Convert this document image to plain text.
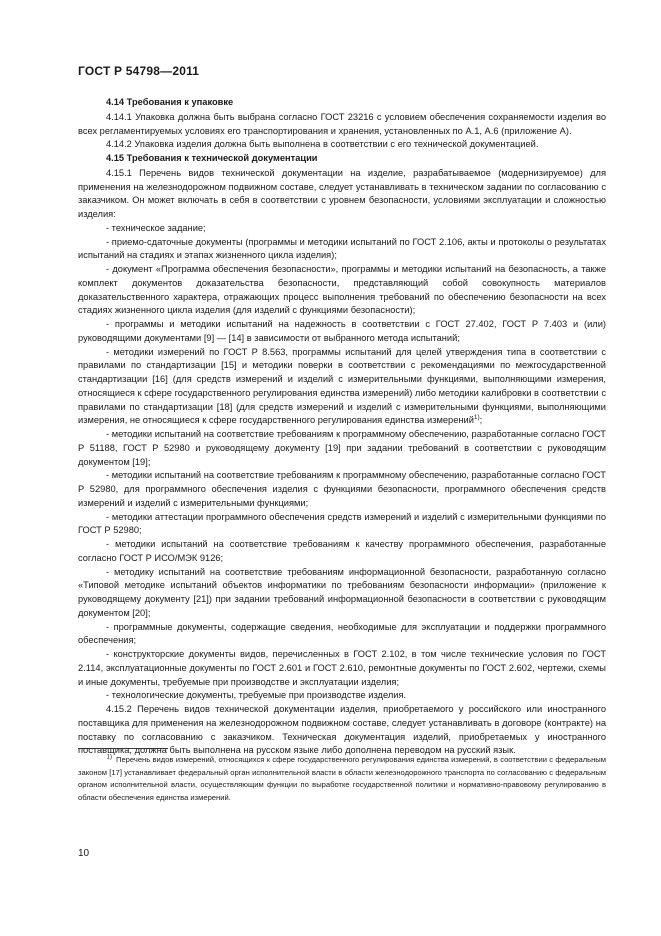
ГОСТ Р 54798—2011

4.14 Требования к упаковке

4.14.1 Упаковка должна быть выбрана согласно ГОСТ 23216 с условием обеспечения сохраняемости изделия во всех регламентируемых условиях его транспортирования и хранения, установленных по А.1, А.6 (приложение А).

4.14.2 Упаковка изделия должна быть выполнена в соответствии с его технической документацией.

4.15 Требования к технической документации

4.15.1 Перечень видов технической документации на изделие, разрабатываемое (модернизируемое) для применения на железнодорожном подвижном составе, следует устанавливать в техническом задании по согласованию с заказчиком. Он может включать в себя в соответствии с уровнем безопасности, условиями эксплуатации и сложностью изделия:

- техническое задание;

- приемо-сдаточные документы (программы и методики испытаний по ГОСТ 2.106, акты и протоколы о результатах испытаний на стадиях и этапах жизненного цикла изделия);

- документ «Программа обеспечения безопасности», программы и методики испытаний на безопасность, а также комплект документов доказательства безопасности, представляющий собой совокупность материалов доказательственного характера, отражающих процесс выполнения требований по обеспечению безопасности на всех стадиях жизненного цикла изделия (для изделий с функциями безопасности);

- программы и методики испытаний на надежность в соответствии с ГОСТ 27.402, ГОСТ Р 7.403 и (или) руководящими документами [9] — [14] в зависимости от выбранного метода испытаний;

- методики измерений по ГОСТ Р 8.563, программы испытаний для целей утверждения типа в соответствии с правилами по стандартизации [15] и методики поверки в соответствии с рекомендациями по межгосударственной стандартизации [16] (для средств измерений и изделий с измерительными функциями, выполняющими измерения, относящиеся к сфере государственного регулирования единства измерений) либо методики калибровки в соответствии с правилами по стандартизации [18] (для средств измерений и изделий с измерительными функциями, выполняющими измерения, не относящиеся к сфере государственного регулирования единства измерений$^{1)}$;

- методики испытаний на соответствие требованиям к программному обеспечению, разработанные согласно ГОСТ Р 51188, ГОСТ Р 52980 и руководящему документу [19] при задании требований в соответствии с руководящим документом [19];

- методики испытаний на соответствие требованиям к программному обеспечению, разработанные согласно ГОСТ Р 52980, для программного обеспечения изделия с функциями безопасности, программного обеспечения средств измерений и изделий с измерительными функциями;

- методики аттестации программного обеспечения средств измерений и изделий с измерительными функциями по ГОСТ Р 52980;

- методики испытаний на соответствие требованиям к качеству программного обеспечения, разработанные согласно ГОСТ Р ИСО/МЭК 9126;

- методику испытаний на соответствие требованиям информационной безопасности, разработанную согласно «Типовой методике испытаний объектов информатики по требованиям безопасности информации» (приложение к руководящему документу [21]) при задании требований информационной безопасности в соответствии с руководящим документом [20];

- программные документы, содержащие сведения, необходимые для эксплуатации и поддержки программного обеспечения;

- конструкторские документы видов, перечисленных в ГОСТ 2.102, в том числе технические условия по ГОСТ 2.114, эксплуатационные документы по ГОСТ 2.601 и ГОСТ 2.610, ремонтные документы по ГОСТ 2.602, чертежи, схемы и иные документы, требуемые при производстве и эксплуатации изделия;

- технологические документы, требуемые при производстве изделия.

4.15.2 Перечень видов технической документации изделия, приобретаемого у российского или иностранного поставщика для применения на железнодорожном подвижном составе, следует устанавливать в договоре (контракте) на поставку по согласованию с заказчиком. Техническая документация изделий, приобретаемых у иностранного поставщика, должна быть выполнена на русском языке либо дополнена переводом на русский язык.

$^{1)}$ Перечень видов измерений, относящихся к сфере государственного регулирования единства измерений, в соответствии с федеральным законом [17] устанавливает федеральный орган исполнительной власти в области железнодорожного транспорта по согласованию с федеральным органом исполнительной власти, осуществляющим функции по выработке государственной политики и нормативно-правовому регулированию в области обеспечения единства измерений.
10
